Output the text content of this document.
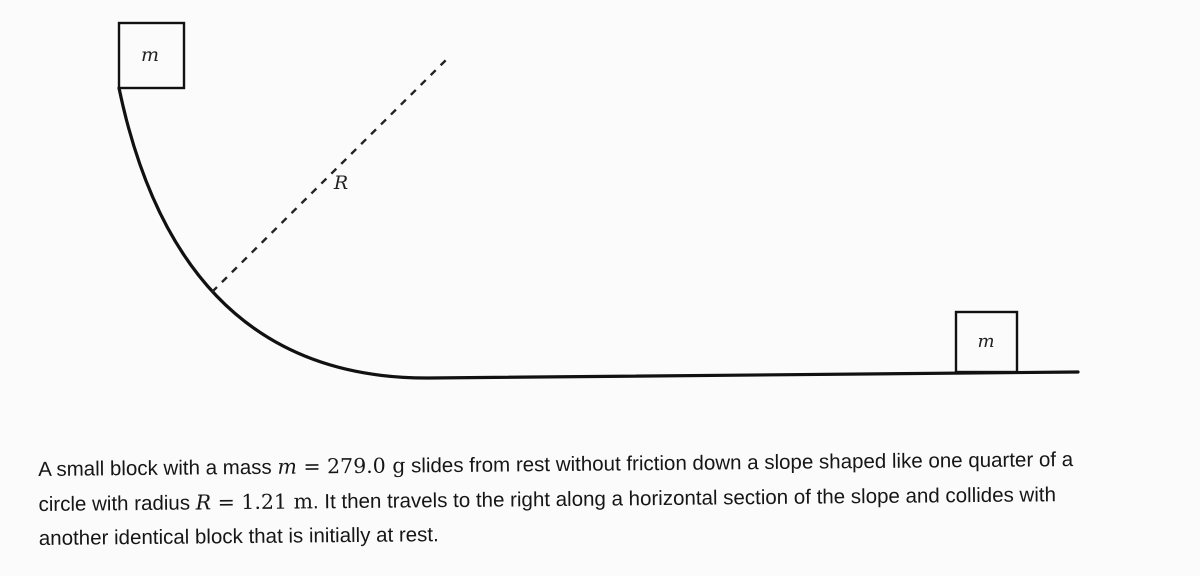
m
m
R
A small block with a mass m = 279.0 g slides from rest without friction down a slope shaped like one quarter of a
circle with radius R = 1.21 m. It then travels to the right along a horizontal section of the slope and collides with
another identical block that is initially at rest.
